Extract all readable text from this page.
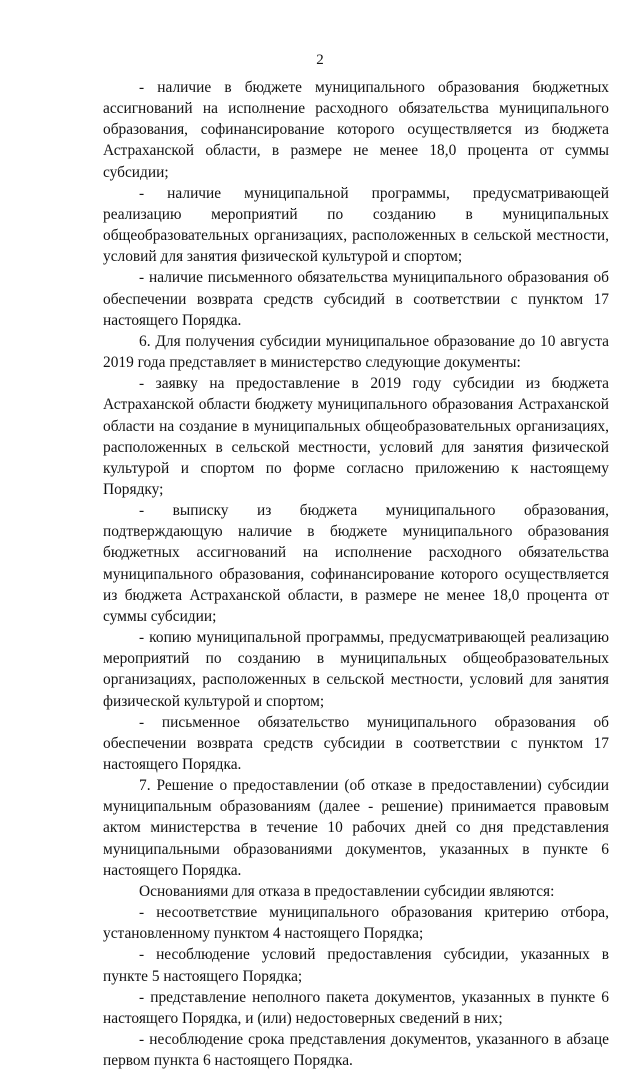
2

- наличие в бюджете муниципального образования бюджетных ассигнований на исполнение расходного обязательства муниципального образования, софинансирование которого осуществляется из бюджета Астраханской области, в размере не менее 18,0 процента от суммы субсидии;

- наличие муниципальной программы, предусматривающей реализацию мероприятий по созданию в муниципальных общеобразовательных организациях, расположенных в сельской местности, условий для занятия физической культурой и спортом;

- наличие письменного обязательства муниципального образования об обеспечении возврата средств субсидий в соответствии с пунктом 17 настоящего Порядка.

6. Для получения субсидии муниципальное образование до 10 августа 2019 года представляет в министерство следующие документы:

- заявку на предоставление в 2019 году субсидии из бюджета Астраханской области бюджету муниципального образования Астраханской области на создание в муниципальных общеобразовательных организациях, расположенных в сельской местности, условий для занятия физической культурой и спортом по форме согласно приложению к настоящему Порядку;

- выписку из бюджета муниципального образования, подтверждающую наличие в бюджете муниципального образования бюджетных ассигнований на исполнение расходного обязательства муниципального образования, софинансирование которого осуществляется из бюджета Астраханской области, в размере не менее 18,0 процента от суммы субсидии;

- копию муниципальной программы, предусматривающей реализацию мероприятий по созданию в муниципальных общеобразовательных организациях, расположенных в сельской местности, условий для занятия физической культурой и спортом;

- письменное обязательство муниципального образования об обеспечении возврата средств субсидии в соответствии с пунктом 17 настоящего Порядка.

7. Решение о предоставлении (об отказе в предоставлении) субсидии муниципальным образованиям (далее - решение) принимается правовым актом министерства в течение 10 рабочих дней со дня представления муниципальными образованиями документов, указанных в пункте 6 настоящего Порядка.

Основаниями для отказа в предоставлении субсидии являются:

- несоответствие муниципального образования критерию отбора, установленному пунктом 4 настоящего Порядка;

- несоблюдение условий предоставления субсидии, указанных в пункте 5 настоящего Порядка;

- представление неполного пакета документов, указанных в пункте 6 настоящего Порядка, и (или) недостоверных сведений в них;

- несоблюдение срока представления документов, указанного в абзаце первом пункта 6 настоящего Порядка.
